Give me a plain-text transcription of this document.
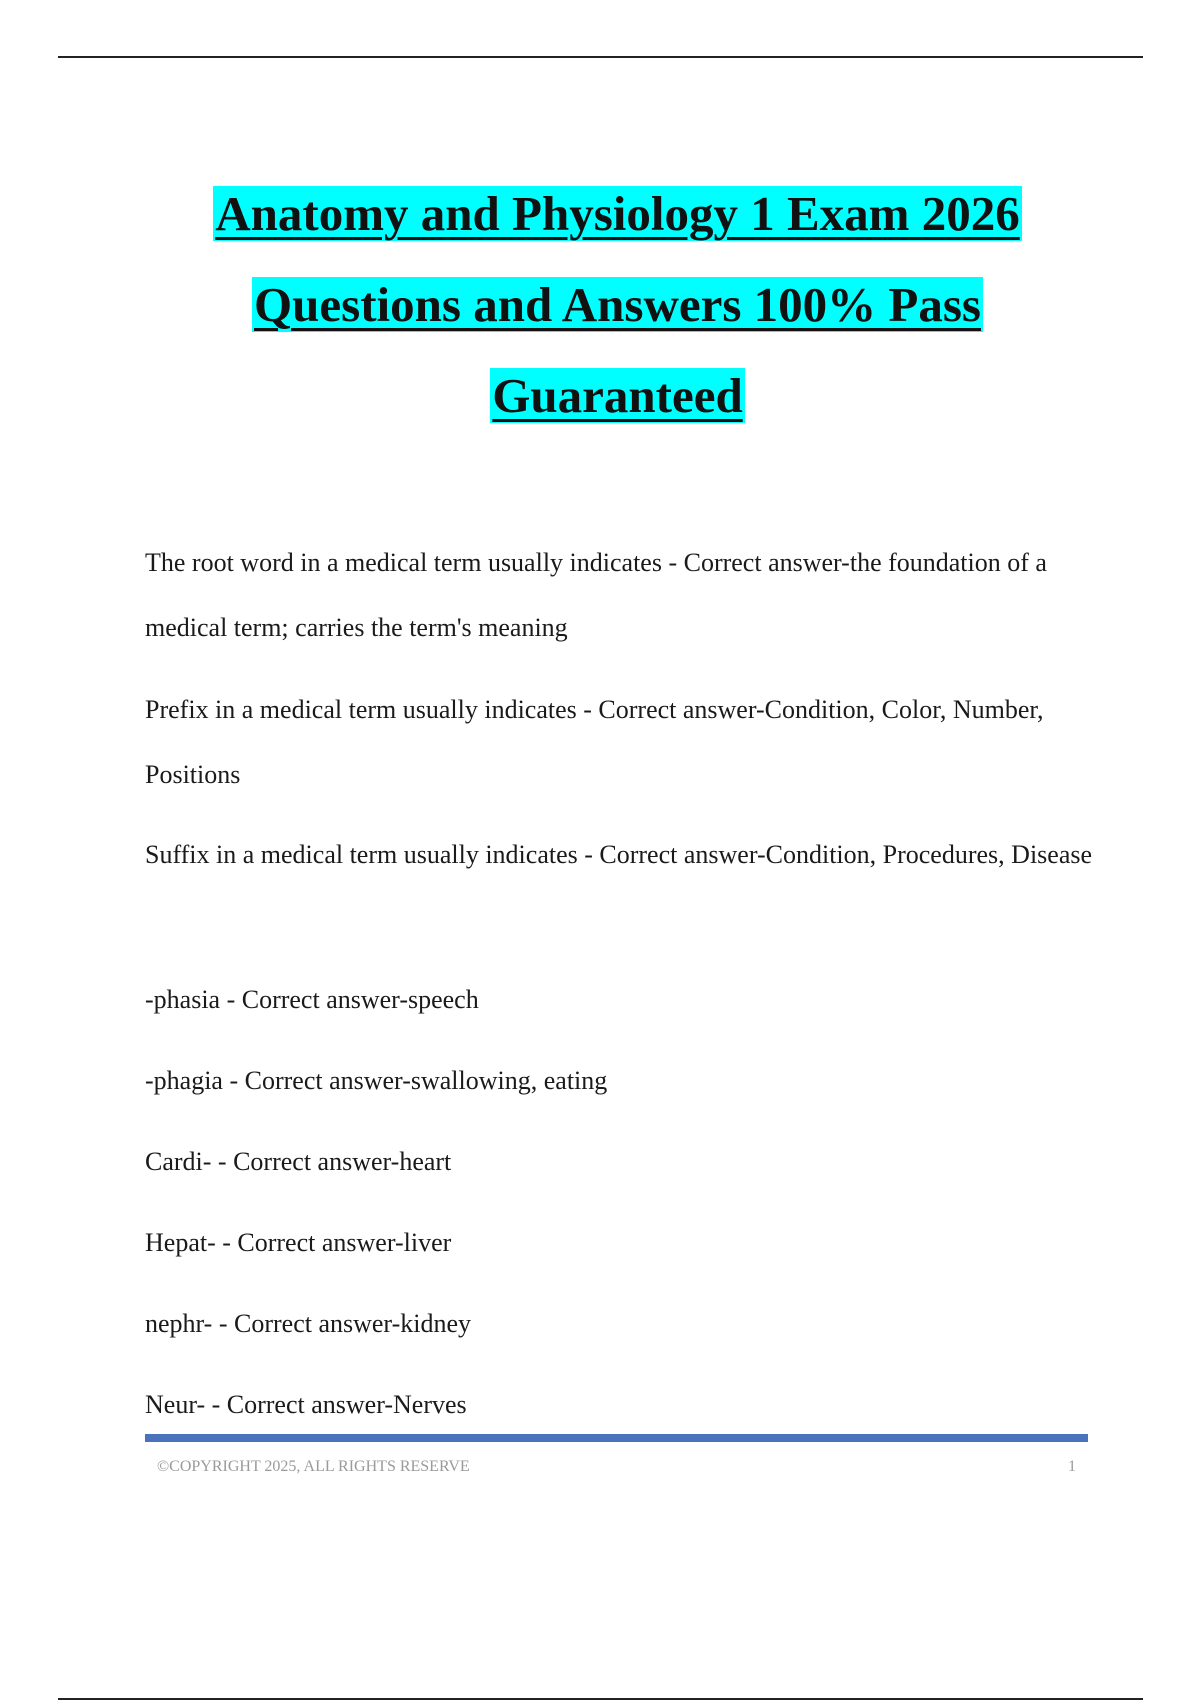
Anatomy and Physiology 1 Exam 2026
Questions and Answers 100% Pass
Guaranteed
The root word in a medical term usually indicates - Correct answer-the foundation of a medical term; carries the term's meaning
Prefix in a medical term usually indicates - Correct answer-Condition, Color, Number, Positions
Suffix in a medical term usually indicates - Correct answer-Condition, Procedures, Disease
-phasia - Correct answer-speech
-phagia - Correct answer-swallowing, eating
Cardi- - Correct answer-heart
Hepat- - Correct answer-liver
nephr- - Correct answer-kidney
Neur- - Correct answer-Nerves
©COPYRIGHT 2025, ALL RIGHTS RESERVE	1
